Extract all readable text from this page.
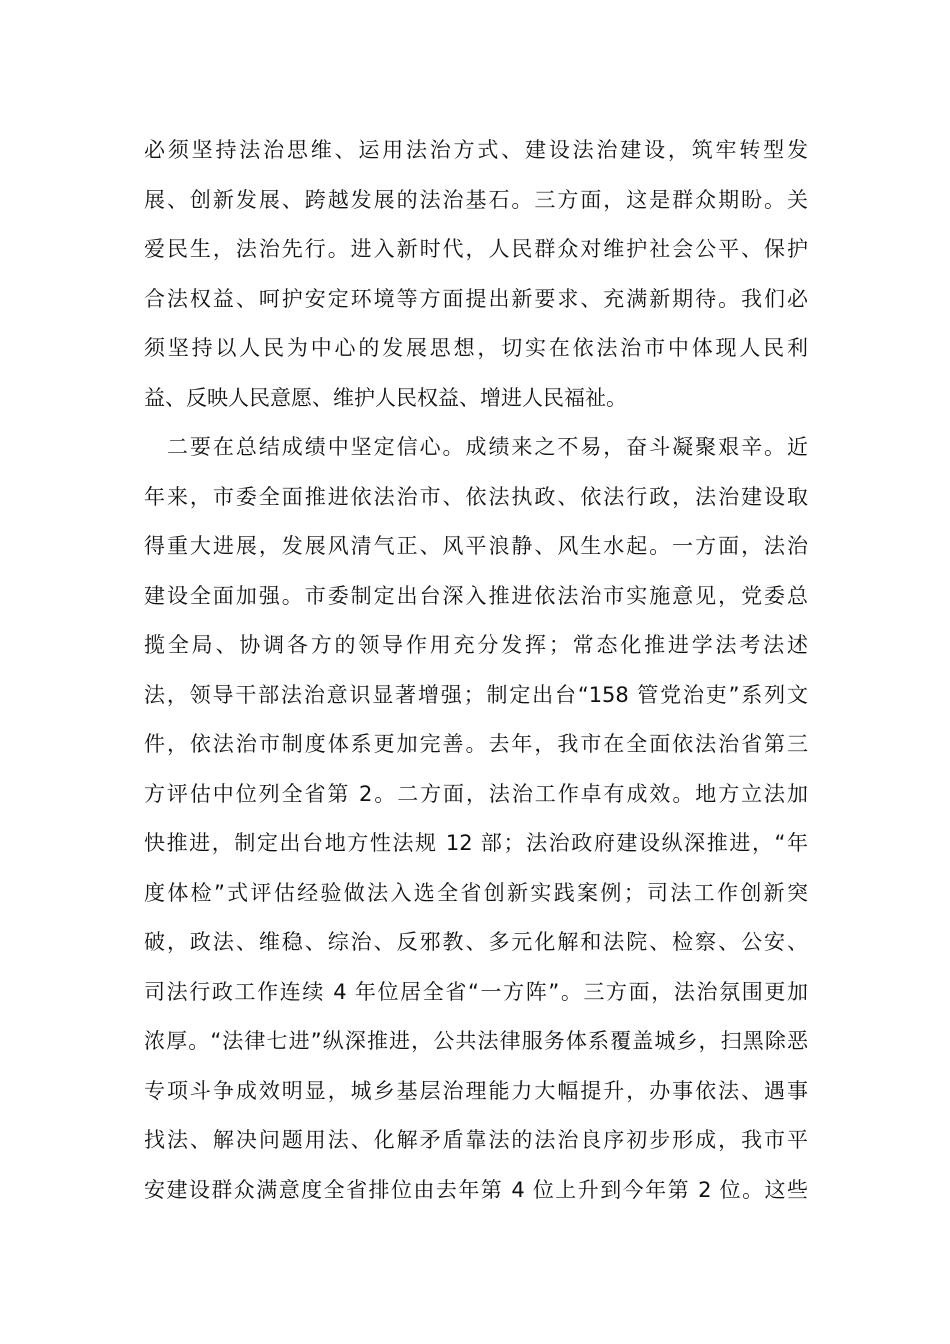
必须坚持法治思维、运用法治方式、建设法治建设，筑牢转型发
展、创新发展、跨越发展的法治基石。三方面，这是群众期盼。关
爱民生，法治先行。进入新时代，人民群众对维护社会公平、保护
合法权益、呵护安定环境等方面提出新要求、充满新期待。我们必
须坚持以人民为中心的发展思想，切实在依法治市中体现人民利
益、反映人民意愿、维护人民权益、增进人民福祉。
　二要在总结成绩中坚定信心。成绩来之不易，奋斗凝聚艰辛。近
年来，市委全面推进依法治市、依法执政、依法行政，法治建设取
得重大进展，发展风清气正、风平浪静、风生水起。一方面，法治
建设全面加强。市委制定出台深入推进依法治市实施意见，党委总
揽全局、协调各方的领导作用充分发挥；常态化推进学法考法述
法，领导干部法治意识显著增强；制定出台“158 管党治吏”系列文
件，依法治市制度体系更加完善。去年，我市在全面依法治省第三
方评估中位列全省第 2。二方面，法治工作卓有成效。地方立法加
快推进，制定出台地方性法规 12 部；法治政府建设纵深推进，“年
度体检”式评估经验做法入选全省创新实践案例；司法工作创新突
破，政法、维稳、综治、反邪教、多元化解和法院、检察、公安、
司法行政工作连续 4 年位居全省“一方阵”。三方面，法治氛围更加
浓厚。“法律七进”纵深推进，公共法律服务体系覆盖城乡，扫黑除恶
专项斗争成效明显，城乡基层治理能力大幅提升，办事依法、遇事
找法、解决问题用法、化解矛盾靠法的法治良序初步形成，我市平
安建设群众满意度全省排位由去年第 4 位上升到今年第 2 位。这些
